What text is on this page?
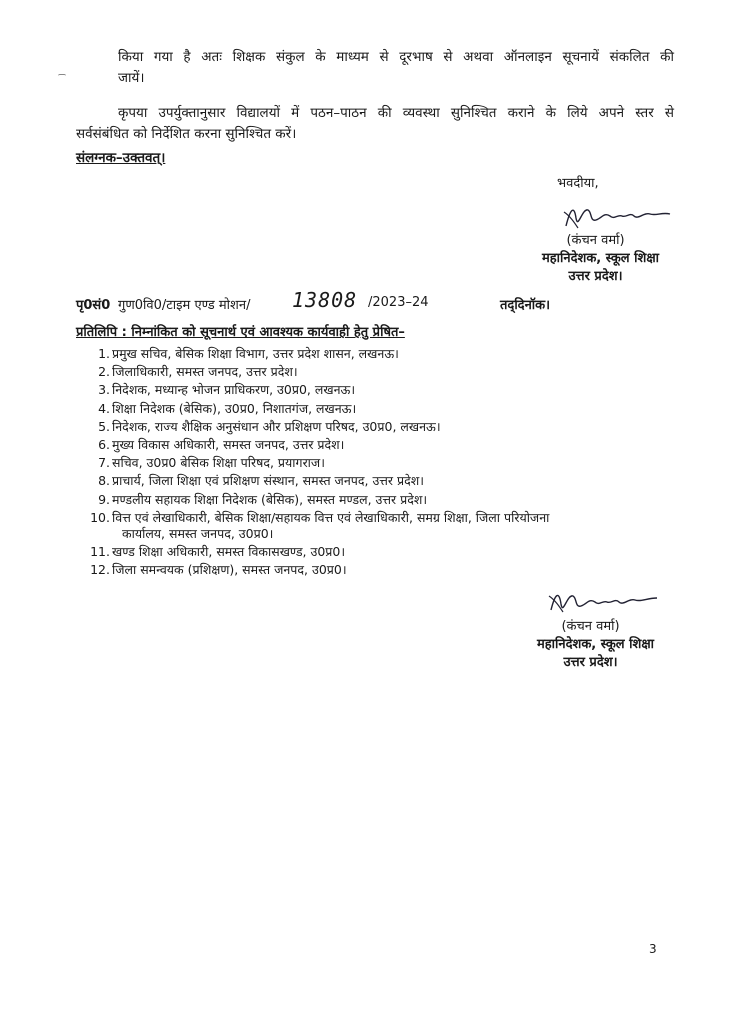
किया गया है अतः शिक्षक संकुल के माध्यम से दूरभाष से अथवा ऑनलाइन सूचनायें संकलित की
जायें।
कृपया उपर्युक्तानुसार विद्यालयों में पठन–पाठन की व्यवस्था सुनिश्चित कराने के लिये अपने स्तर से
सर्वसंबंधित को निर्देशित करना सुनिश्चित करें।
संलग्नक–उक्तवत्।
भवदीया,
(कंचन वर्मा)
महानिदेशक, स्कूल शिक्षा
उत्तर प्रदेश।
पृ0सं0 गुण0वि0/टाइम एण्ड मोशन/ 13808 /2023–24	तद्‌दिनॉक।
प्रतिलिपि : निम्नांकित को सूचनार्थ एवं आवश्यक कार्यवाही हेतु प्रेषित–
1. प्रमुख सचिव, बेसिक शिक्षा विभाग, उत्तर प्रदेश शासन, लखनऊ।
2. जिलाधिकारी, समस्त जनपद, उत्तर प्रदेश।
3. निदेशक, मध्यान्ह भोजन प्राधिकरण, उ0प्र0, लखनऊ।
4. शिक्षा निदेशक (बेसिक), उ0प्र0, निशातगंज, लखनऊ।
5. निदेशक, राज्य शैक्षिक अनुसंधान और प्रशिक्षण परिषद, उ0प्र0, लखनऊ।
6. मुख्य विकास अधिकारी, समस्त जनपद, उत्तर प्रदेश।
7. सचिव, उ0प्र0 बेसिक शिक्षा परिषद, प्रयागराज।
8. प्राचार्य, जिला शिक्षा एवं प्रशिक्षण संस्थान, समस्त जनपद, उत्तर प्रदेश।
9. मण्डलीय सहायक शिक्षा निदेशक (बेसिक), समस्त मण्डल, उत्तर प्रदेश।
10. वित्त एवं लेखाधिकारी, बेसिक शिक्षा/सहायक वित्त एवं लेखाधिकारी, समग्र शिक्षा, जिला परियोजना
कार्यालय, समस्त जनपद, उ0प्र0।
11. खण्ड शिक्षा अधिकारी, समस्त विकासखण्ड, उ0प्र0।
12. जिला समन्वयक (प्रशिक्षण), समस्त जनपद, उ0प्र0।
(कंचन वर्मा)
महानिदेशक, स्कूल शिक्षा
उत्तर प्रदेश।
3
